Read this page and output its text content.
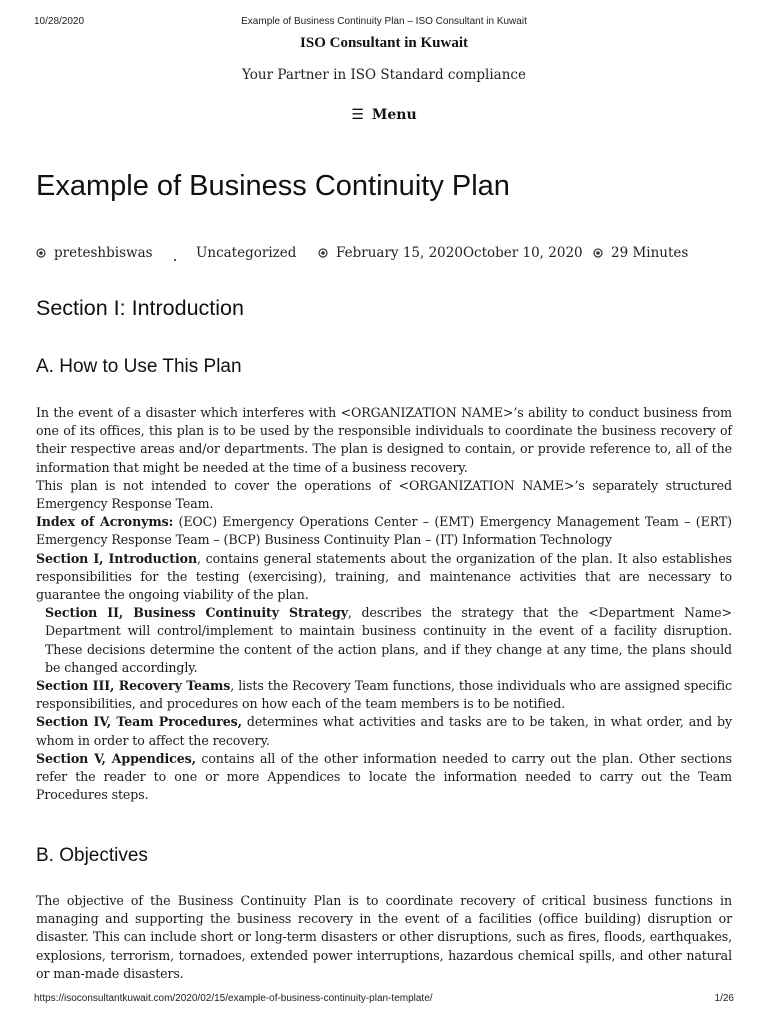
10/28/2020	Example of Business Continuity Plan – ISO Consultant in Kuwait
ISO Consultant in Kuwait
Your Partner in ISO Standard compliance
☰ Menu
Example of Business Continuity Plan
preteshbiswas	Uncategorized	February 15, 2020October 10, 2020	29 Minutes
Section I: Introduction
A. How to Use This Plan

In the event of a disaster which interferes with <ORGANIZATION NAME>’s ability to conduct business from one of its offices, this plan is to be used by the responsible individuals to coordinate the business recovery of their respective areas and/or departments. The plan is designed to contain, or provide reference to, all of the information that might be needed at the time of a business recovery.

This plan is not intended to cover the operations of <ORGANIZATION NAME>’s separately structured Emergency Response Team.

Index of Acronyms: (EOC) Emergency Operations Center – (EMT) Emergency Management Team – (ERT) Emergency Response Team – (BCP) Business Continuity Plan – (IT) Information Technology

Section I, Introduction, contains general statements about the organization of the plan. It also establishes responsibilities for the testing (exercising), training, and maintenance activities that are necessary to guarantee the ongoing viability of the plan.

Section II, Business Continuity Strategy, describes the strategy that the <Department Name> Department will control/implement to maintain business continuity in the event of a facility disruption. These decisions determine the content of the action plans, and if they change at any time, the plans should be changed accordingly.

Section III, Recovery Teams, lists the Recovery Team functions, those individuals who are assigned specific responsibilities, and procedures on how each of the team members is to be notified.

Section IV, Team Procedures, determines what activities and tasks are to be taken, in what order, and by whom in order to affect the recovery.

Section V, Appendices, contains all of the other information needed to carry out the plan. Other sections refer the reader to one or more Appendices to locate the information needed to carry out the Team Procedures steps.

B. Objectives

The objective of the Business Continuity Plan is to coordinate recovery of critical business functions in managing and supporting the business recovery in the event of a facilities (office building) disruption or disaster. This can include short or long-term disasters or other disruptions, such as fires, floods, earthquakes, explosions, terrorism, tornadoes, extended power interruptions, hazardous chemical spills, and other natural or man-made disasters.

https://isoconsultantkuwait.com/2020/02/15/example-of-business-continuity-plan-template/	1/26
